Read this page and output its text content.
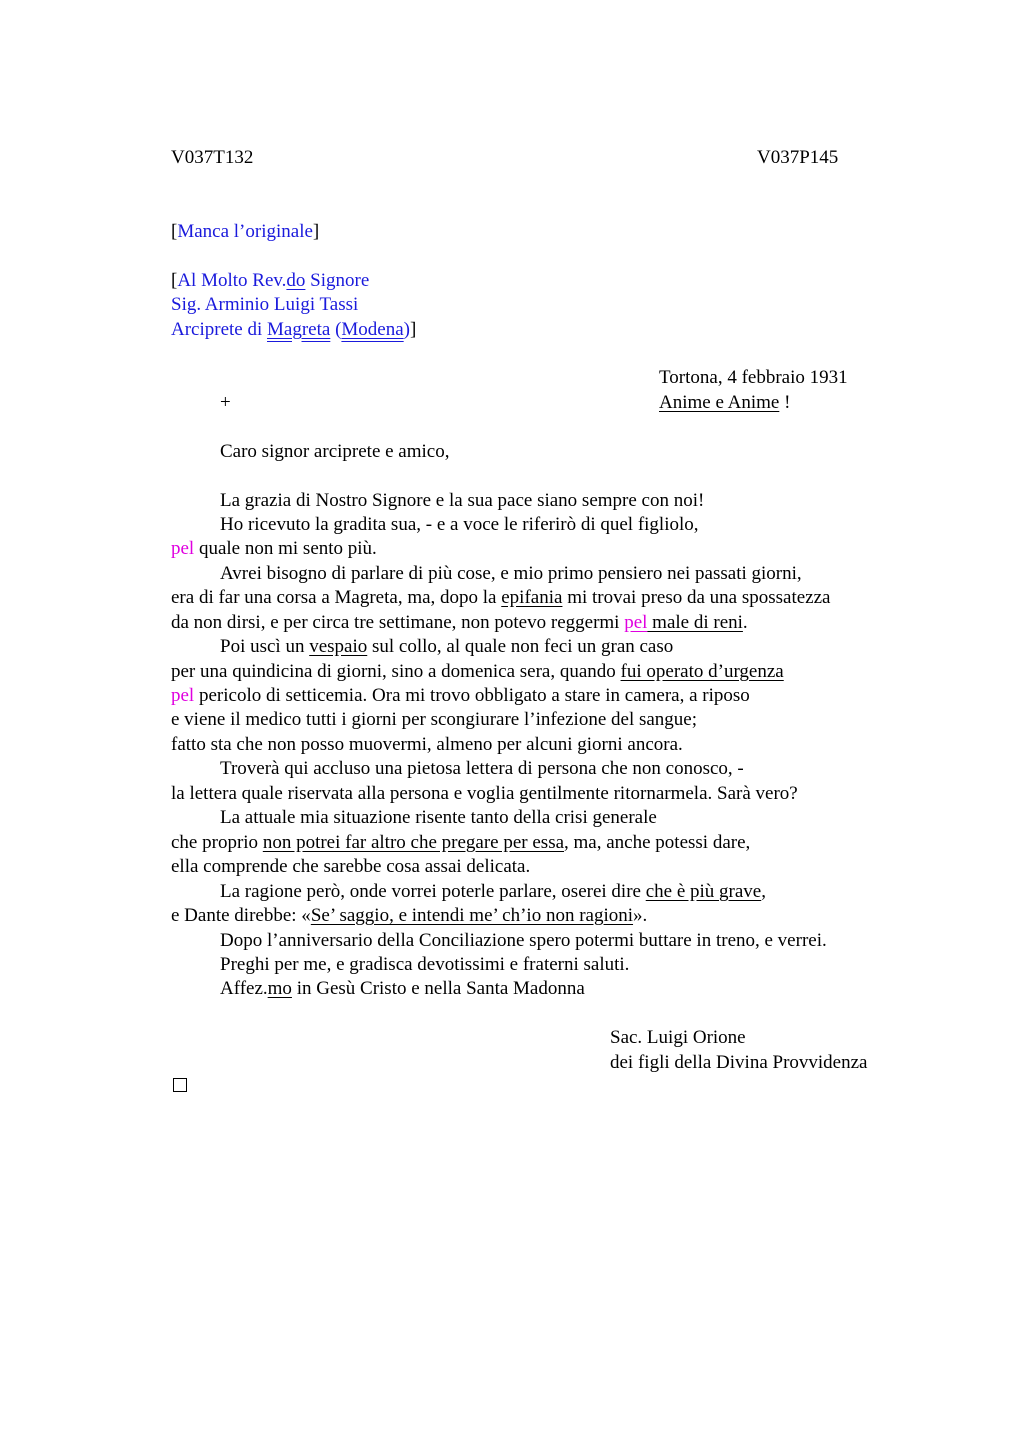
V037T132	V037P145
[Manca l’originale]
[Al Molto Rev.do Signore
Sig. Arminio Luigi Tassi
Arciprete di Magreta (Modena)]
Tortona, 4 febbraio 1931
+	Anime e Anime !
Caro signor arciprete e amico,
La grazia di Nostro Signore e la sua pace siano sempre con noi!
Ho ricevuto la gradita sua, - e a voce le riferirò di quel figliolo,
pel quale non mi sento più.
Avrei bisogno di parlare di più cose, e mio primo pensiero nei passati giorni,
era di far una corsa a Magreta, ma, dopo la epifania mi trovai preso da una spossatezza
da non dirsi, e per circa tre settimane, non potevo reggermi pel male di reni.
Poi uscì un vespaio sul collo, al quale non feci un gran caso
per una quindicina di giorni, sino a domenica sera, quando fui operato d’urgenza
pel pericolo di setticemia. Ora mi trovo obbligato a stare in camera, a riposo
e viene il medico tutti i giorni per scongiurare l’infezione del sangue;
fatto sta che non posso muovermi, almeno per alcuni giorni ancora.
Troverà qui accluso una pietosa lettera di persona che non conosco, -
la lettera quale riservata alla persona e voglia gentilmente ritornarmela. Sarà vero?
La attuale mia situazione risente tanto della crisi generale
che proprio non potrei far altro che pregare per essa, ma, anche potessi dare,
ella comprende che sarebbe cosa assai delicata.
La ragione però, onde vorrei poterle parlare, oserei dire che è più grave,
e Dante direbbe: «Se’ saggio, e intendi me’ ch’io non ragioni».
Dopo l’anniversario della Conciliazione spero potermi buttare in treno, e verrei.
Preghi per me, e gradisca devotissimi e fraterni saluti.
Affez.mo in Gesù Cristo e nella Santa Madonna
Sac. Luigi Orione
dei figli della Divina Provvidenza
